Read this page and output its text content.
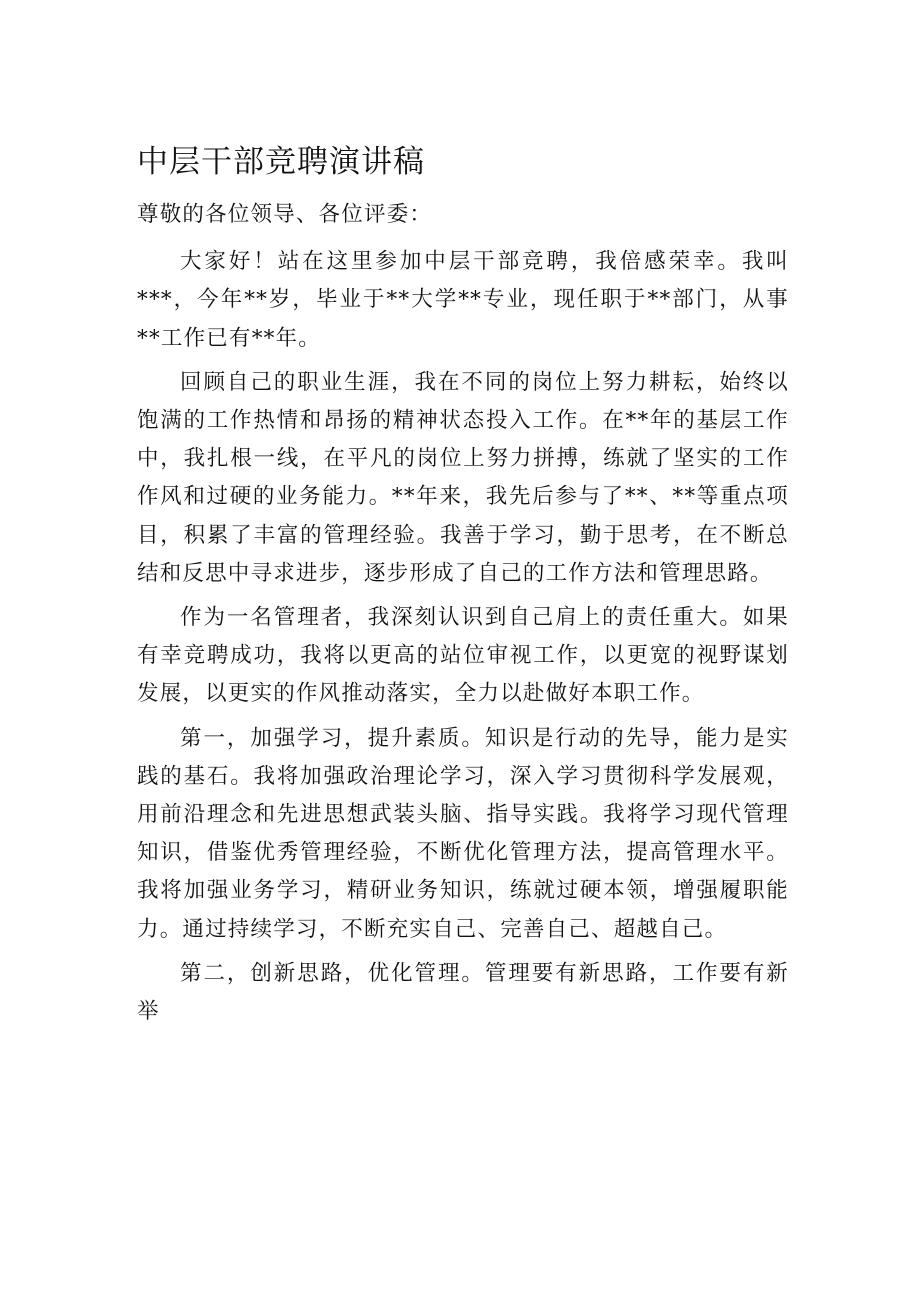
中层干部竞聘演讲稿

尊敬的各位领导、各位评委：

大家好！站在这里参加中层干部竞聘，我倍感荣幸。我叫***，今年**岁，毕业于**大学**专业，现任职于**部门，从事**工作已有**年。

回顾自己的职业生涯，我在不同的岗位上努力耕耘，始终以饱满的工作热情和昂扬的精神状态投入工作。在**年的基层工作中，我扎根一线，在平凡的岗位上努力拼搏，练就了坚实的工作作风和过硬的业务能力。**年来，我先后参与了**、**等重点项目，积累了丰富的管理经验。我善于学习，勤于思考，在不断总结和反思中寻求进步，逐步形成了自己的工作方法和管理思路。

作为一名管理者，我深刻认识到自己肩上的责任重大。如果有幸竞聘成功，我将以更高的站位审视工作，以更宽的视野谋划发展，以更实的作风推动落实，全力以赴做好本职工作。

第一，加强学习，提升素质。知识是行动的先导，能力是实践的基石。我将加强政治理论学习，深入学习贯彻科学发展观，用前沿理念和先进思想武装头脑、指导实践。我将学习现代管理知识，借鉴优秀管理经验，不断优化管理方法，提高管理水平。我将加强业务学习，精研业务知识，练就过硬本领，增强履职能力。通过持续学习，不断充实自己、完善自己、超越自己。

第二，创新思路，优化管理。管理要有新思路，工作要有新举
